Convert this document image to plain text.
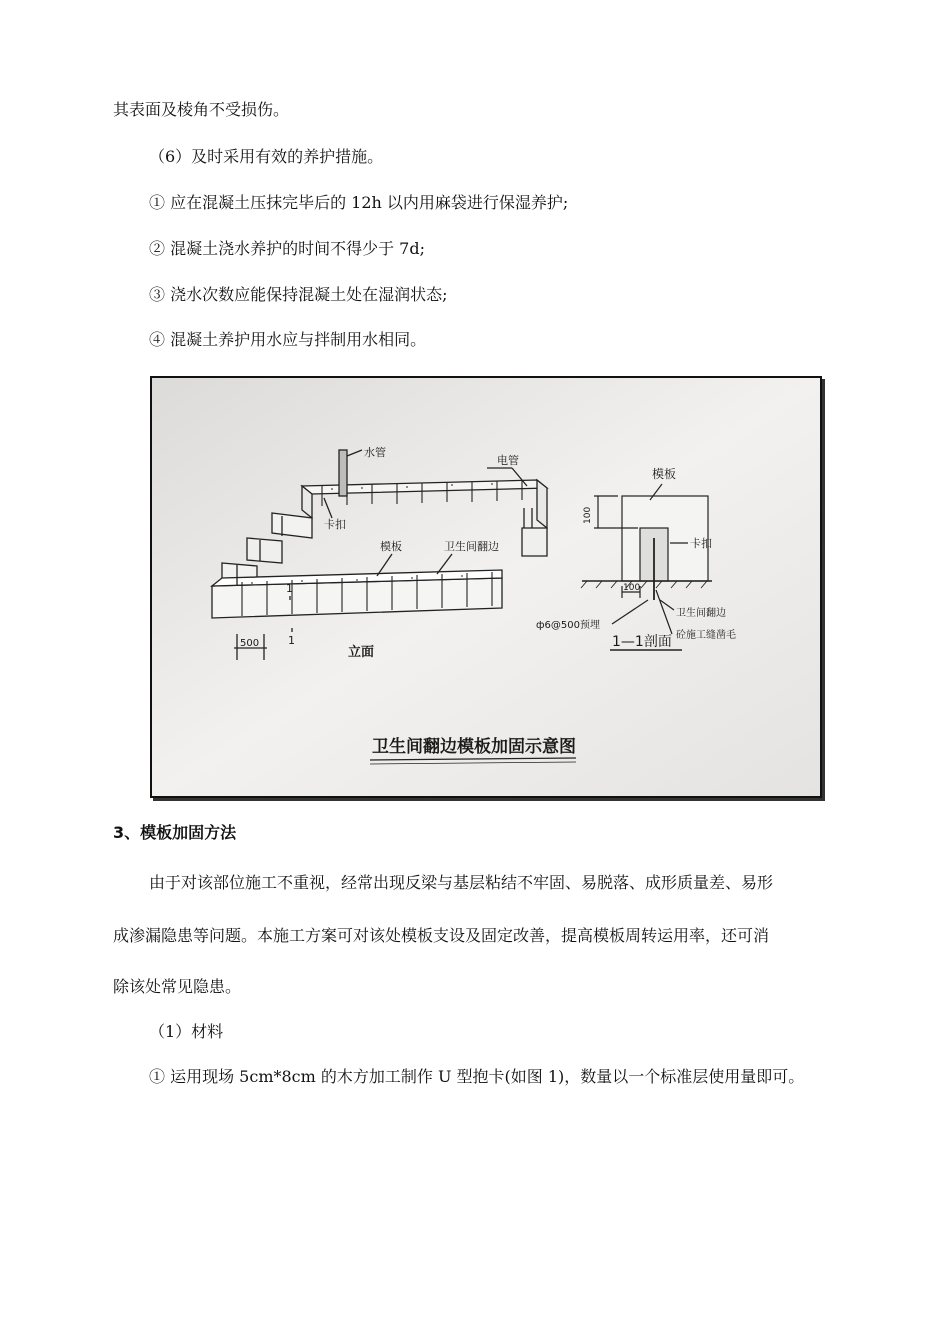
其表面及棱角不受损伤。
（6）及时采用有效的养护措施。
① 应在混凝土压抹完毕后的 12h 以内用麻袋进行保湿养护;
② 混凝土浇水养护的时间不得少于 7d;
③ 浇水次数应能保持混凝土处在湿润状态;
④ 混凝土养护用水应与拌制用水相同。
水管
电管
卡扣
模板	卫生间翻边
1
1
500
立面
模板
卡扣
100
100
卫生间翻边
ф6@500预埋
砼施工缝凿毛
1—1剖面
卫生间翻边模板加固示意图
3、模板加固方法
由于对该部位施工不重视，经常出现反梁与基层粘结不牢固、易脱落、成形质量差、易形
成渗漏隐患等问题。本施工方案可对该处模板支设及固定改善，提高模板周转运用率，还可消
除该处常见隐患。
（1）材料
① 运用现场 5cm*8cm 的木方加工制作 U 型抱卡(如图 1)，数量以一个标准层使用量即可。
